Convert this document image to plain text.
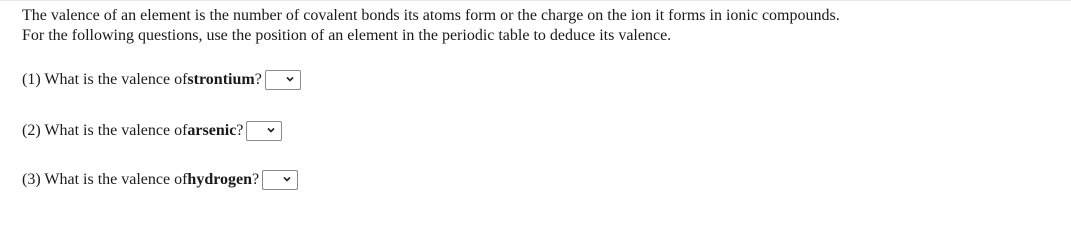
The valence of an element is the number of covalent bonds its atoms form or the charge on the ion it forms in ionic compounds.

For the following questions, use the position of an element in the periodic table to deduce its valence.

(1) What is the valence of strontium ?
(2) What is the valence of arsenic ?
(3) What is the valence of hydrogen ?
